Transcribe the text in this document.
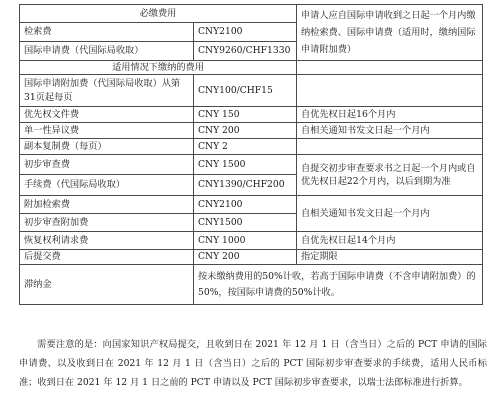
必缴费用		申请人应自国际申请收到之日起一个月内缴纳检索费、国际申请费（适用时，缴纳国际申请附加费）
检索费	CNY2100	
国际申请费（代国际局收取）	CNY9260/CHF1330	
适用情况下缴纳的费用		
国际申请附加费（代国际局收取）从第31页起每页	CNY100/CHF15	
优先权文件费	CNY 150	自优先权日起16个月内
单一性异议费	CNY 200	自相关通知书发文日起一个月内
副本复制费（每页）	CNY 2	
初步审查费	CNY 1500	自提交初步审查要求书之日起一个月内或自优先权日起22个月内，以后到期为准
手续费（代国际局收取）	CNY1390/CHF200	
附加检索费	CNY2100	自相关通知书发文日起一个月内
初步审查附加费	CNY1500	
恢复权利请求费	CNY 1000	自优先权日起14个月内
后提交费	CNY 200	指定期限
滞纳金	按未缴纳费用的50%计收，若高于国际申请费（不含申请附加费）的50%，按国际申请费的50%计收。	
需要注意的是：向国家知识产权局提交，且收到日在 2021 年 12 月 1 日（含当日）之后的 PCT 申请的国际申请费、以及收到日在 2021 年 12 月 1 日（含当日）之后的 PCT 国际初步审查要求的手续费，适用人民币标准；收到日在 2021 年 12 月 1 日之前的 PCT 申请以及 PCT 国际初步审查要求，以瑞士法郎标准进行折算。
